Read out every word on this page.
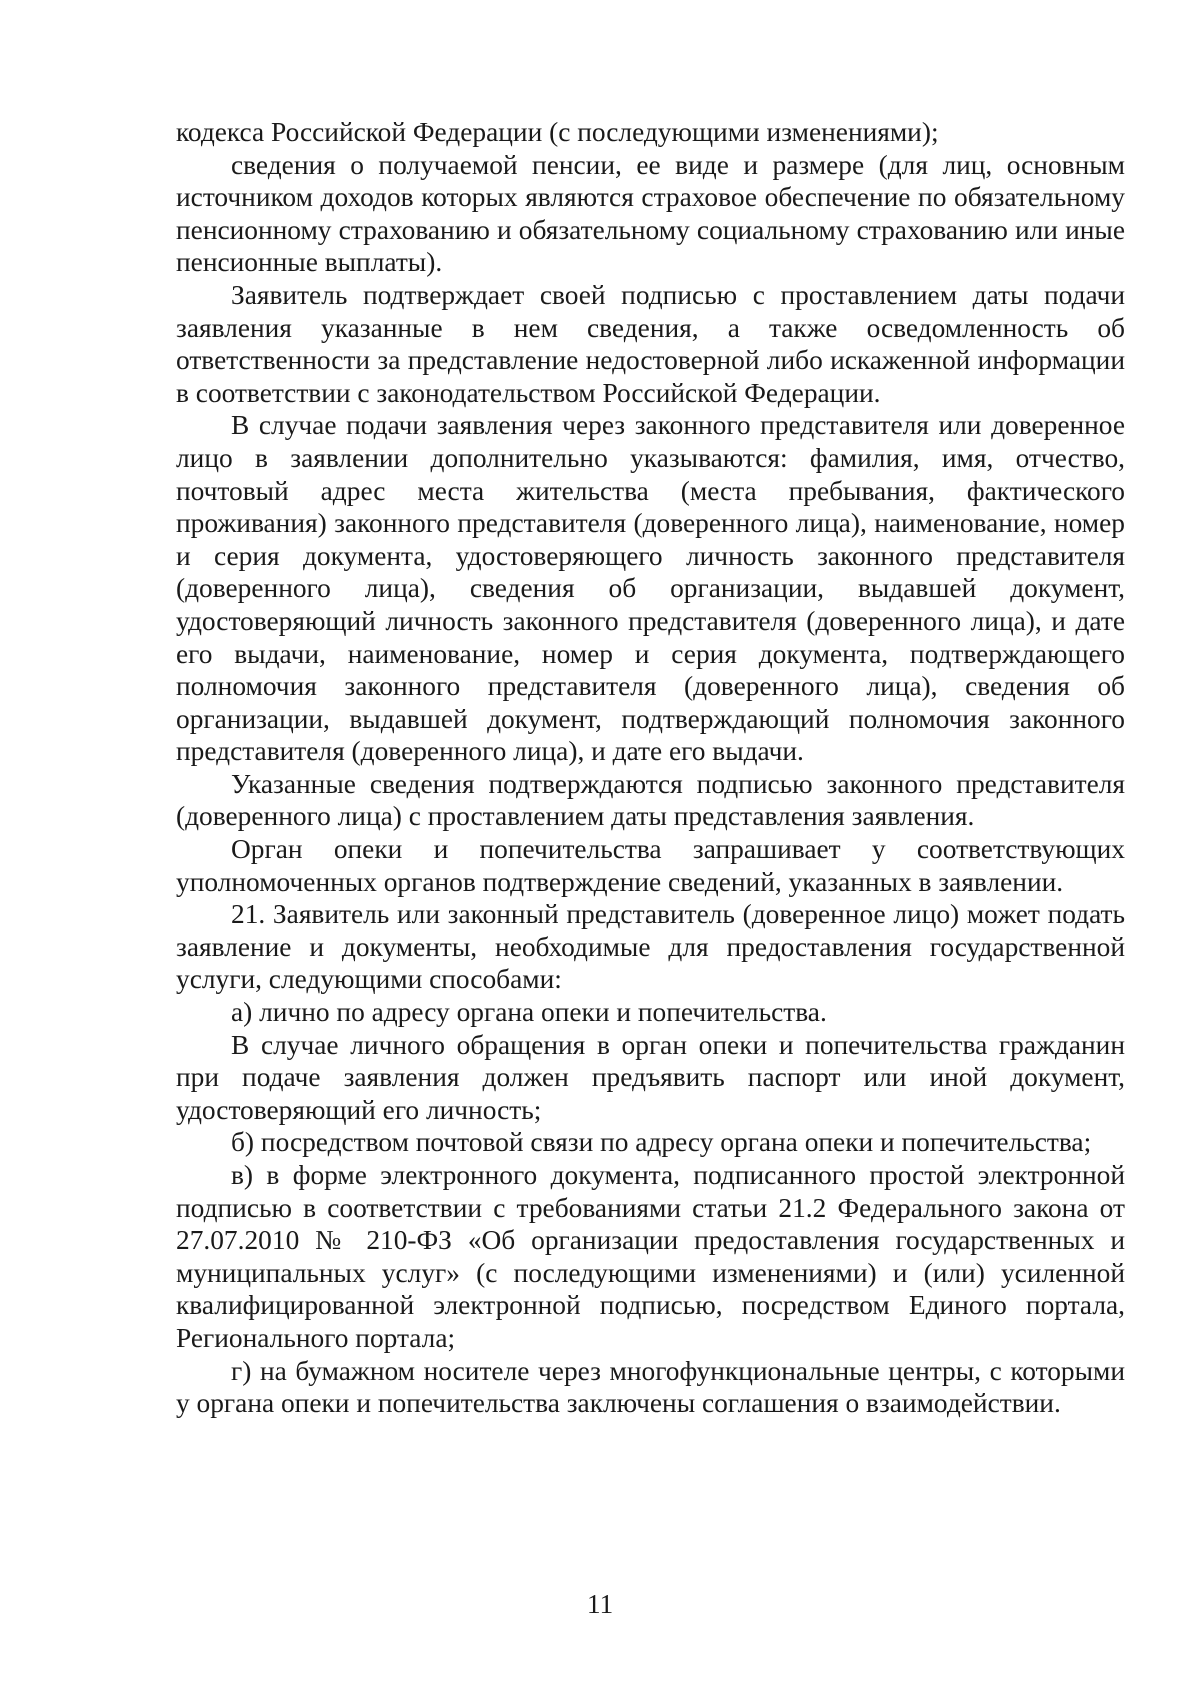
кодекса Российской Федерации (с последующими изменениями);

сведения о получаемой пенсии, ее виде и размере (для лиц, основным источником доходов которых являются страховое обеспечение по обязательному пенсионному страхованию и обязательному социальному страхованию или иные пенсионные выплаты).

Заявитель подтверждает своей подписью с проставлением даты подачи заявления указанные в нем сведения, а также осведомленность об ответственности за представление недостоверной либо искаженной информации в соответствии с законодательством Российской Федерации.

В случае подачи заявления через законного представителя или доверенное лицо в заявлении дополнительно указываются: фамилия, имя, отчество, почтовый адрес места жительства (места пребывания, фактического проживания) законного представителя (доверенного лица), наименование, номер и серия документа, удостоверяющего личность законного представителя (доверенного лица), сведения об организации, выдавшей документ, удостоверяющий личность законного представителя (доверенного лица), и дате его выдачи, наименование, номер и серия документа, подтверждающего полномочия законного представителя (доверенного лица), сведения об организации, выдавшей документ, подтверждающий полномочия законного представителя (доверенного лица), и дате его выдачи.

Указанные сведения подтверждаются подписью законного представителя (доверенного лица) с проставлением даты представления заявления.

Орган опеки и попечительства запрашивает у соответствующих уполномоченных органов подтверждение сведений, указанных в заявлении.

21. Заявитель или законный представитель (доверенное лицо) может подать заявление и документы, необходимые для предоставления государственной услуги, следующими способами:

а) лично по адресу органа опеки и попечительства.

В случае личного обращения в орган опеки и попечительства гражданин при подаче заявления должен предъявить паспорт или иной документ, удостоверяющий его личность;

б) посредством почтовой связи по адресу органа опеки и попечительства;

в) в форме электронного документа, подписанного простой электронной подписью в соответствии с требованиями статьи 21.2 Федерального закона от 27.07.2010 № 210-ФЗ «Об организации предоставления государственных и муниципальных услуг» (с последующими изменениями) и (или) усиленной квалифицированной электронной подписью, посредством Единого портала, Регионального портала;

г) на бумажном носителе через многофункциональные центры, с которыми у органа опеки и попечительства заключены соглашения о взаимодействии.

11
